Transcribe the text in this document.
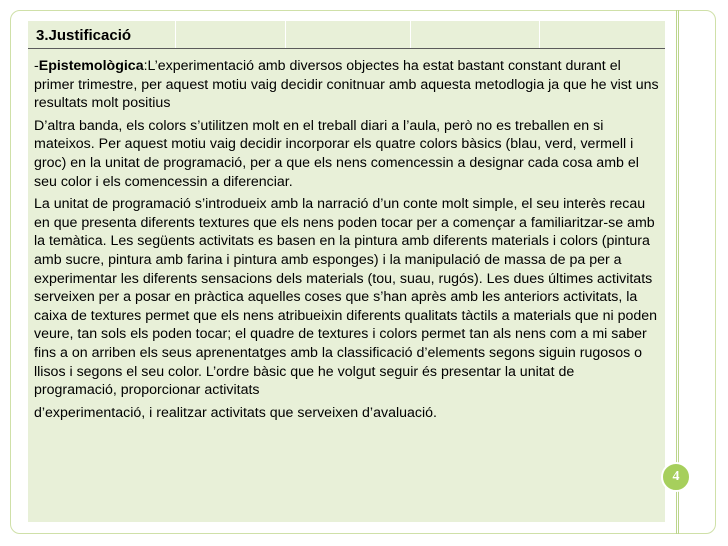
3.Justificació

-Epistemològica:L’experimentació amb diversos objectes ha estat bastant constant durant el primer trimestre, per aquest motiu vaig decidir conitnuar amb aquesta metodlogia ja que he vist uns resultats molt positius

D’altra banda, els colors s’utilitzen molt en el treball diari a l’aula, però no es treballen en si mateixos. Per aquest motiu vaig decidir incorporar els quatre colors bàsics (blau, verd, vermell i groc) en la unitat de programació, per a que els nens comencessin a designar cada cosa amb el seu color i els comencessin a diferenciar.

La unitat de programació s’introdueix amb la narració d’un conte molt simple, el seu interès recau en que presenta diferents textures que els nens poden tocar per a començar a familiaritzar-se amb la temàtica. Les següents activitats es basen en la pintura amb diferents materials i colors (pintura amb sucre, pintura amb farina i pintura amb esponges) i la manipulació de massa de pa per a experimentar les diferents sensacions dels materials (tou, suau, rugós). Les dues últimes activitats serveixen per a posar en pràctica aquelles coses que s’han après amb les anteriors activitats, la caixa de textures permet que els nens atribueixin diferents qualitats tàctils a materials que ni poden veure, tan sols els poden tocar; el quadre de textures i colors permet tan als nens com a mi saber fins a on arriben els seus aprenentatges amb la classificació d’elements segons siguin rugosos o llisos i segons el seu color. L’ordre bàsic que he volgut seguir és presentar la unitat de programació, proporcionar activitats

d’experimentació, i realitzar activitats que serveixen d’avaluació.

4
